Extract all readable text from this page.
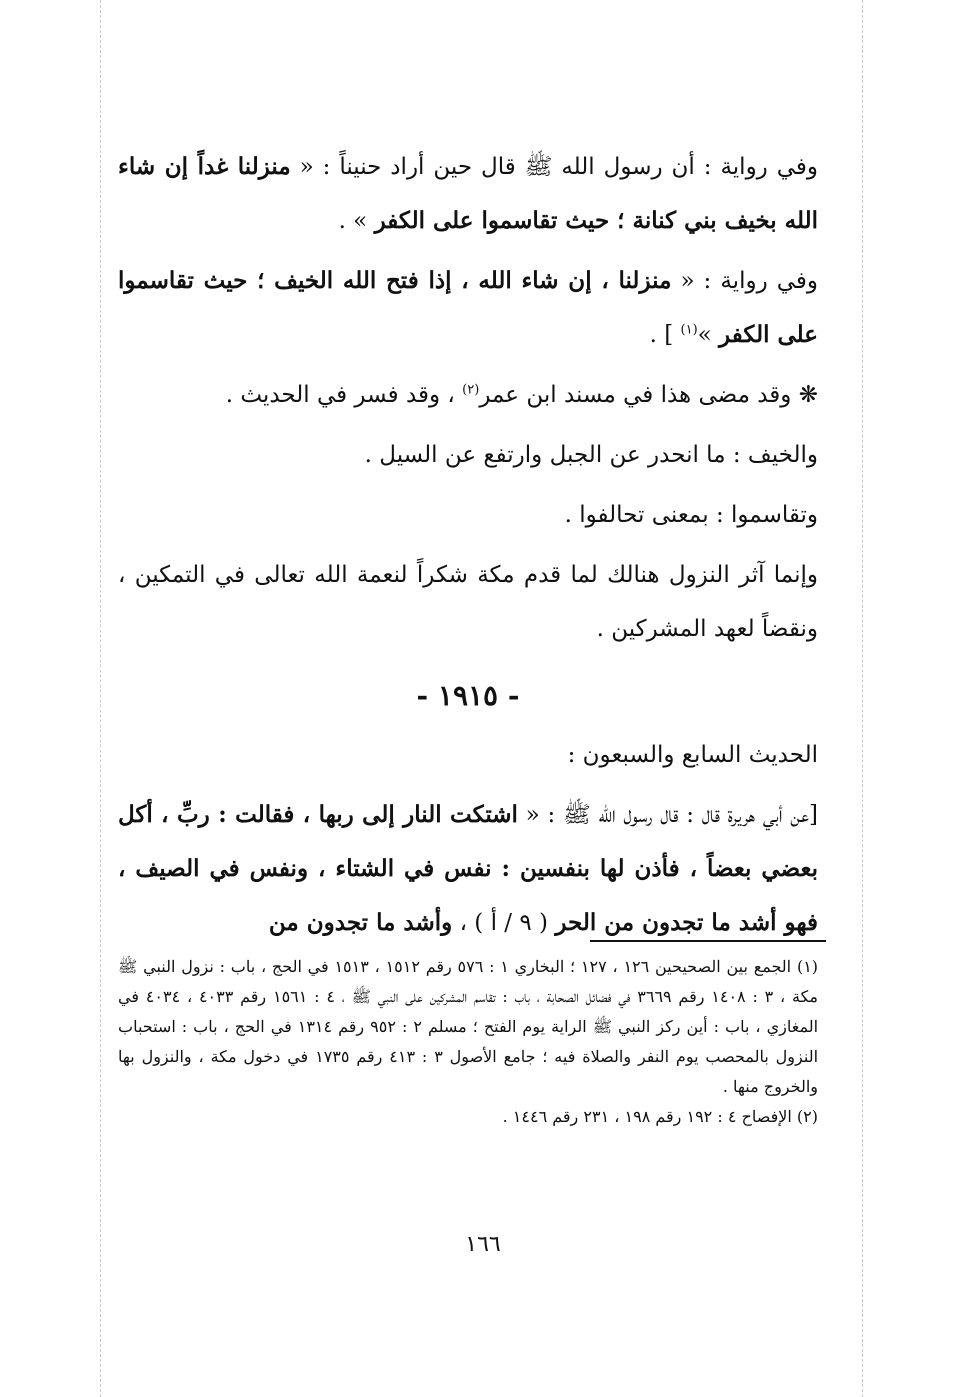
وفي رواية : أن رسول الله ﷺ قال حين أراد حنيناً : « منزلنا غداً إن شاء الله بخيف بني كنانة ؛ حيث تقاسموا على الكفر » .

وفي رواية : « منزلنا ، إن شاء الله ، إذا فتح الله الخيف ؛ حيث تقاسموا على الكفر »$^{(١)}$ ] .

❋ وقد مضى هذا في مسند ابن عمر$^{(٢)}$ ، وقد فسر في الحديث .

والخيف : ما انحدر عن الجبل وارتفع عن السيل .

وتقاسموا : بمعنى تحالفوا .

وإنما آثر النزول هنالك لما قدم مكة شكراً لنعمة الله تعالى في التمكين ، ونقضاً لعهد المشركين .

- ١٩١٥ -

الحديث السابع والسبعون :

[عن أبي هريرة قال : قال رسول الله ﷺ : « اشتكت النار إلى ربها ، فقالت : ربِّ ، أكل بعضي بعضاً ، فأذن لها بنفسين : نفس في الشتاء ، ونفس في الصيف ، فهو أشد ما تجدون من الحر ( ٩ / أ ) ، وأشد ما تجدون من

(١) الجمع بين الصحيحين ١٢٦ ، ١٢٧ ؛ البخاري ١ : ٥٧٦ رقم ١٥١٢ ، ١٥١٣ في الحج ، باب : نزول النبي ﷺ مكة ، ٣ : ١٤٠٨ رقم ٣٦٦٩ في فضائل الصحابة ، باب : تقاسم المشركين على النبي ﷺ ، ٤ : ١٥٦١ رقم ٤٠٣٣ ، ٤٠٣٤ في المغازي ، باب : أين ركز النبي ﷺ الراية يوم الفتح ؛ مسلم ٢ : ٩٥٢ رقم ١٣١٤ في الحج ، باب : استحباب النزول بالمحصب يوم النفر والصلاة فيه ؛ جامع الأصول ٣ : ٤١٣ رقم ١٧٣٥ في دخول مكة ، والنزول بها والخروج منها .

(٢) الإفصاح ٤ : ١٩٢ رقم ١٩٨ ، ٢٣١ رقم ١٤٤٦ .

١٦٦
